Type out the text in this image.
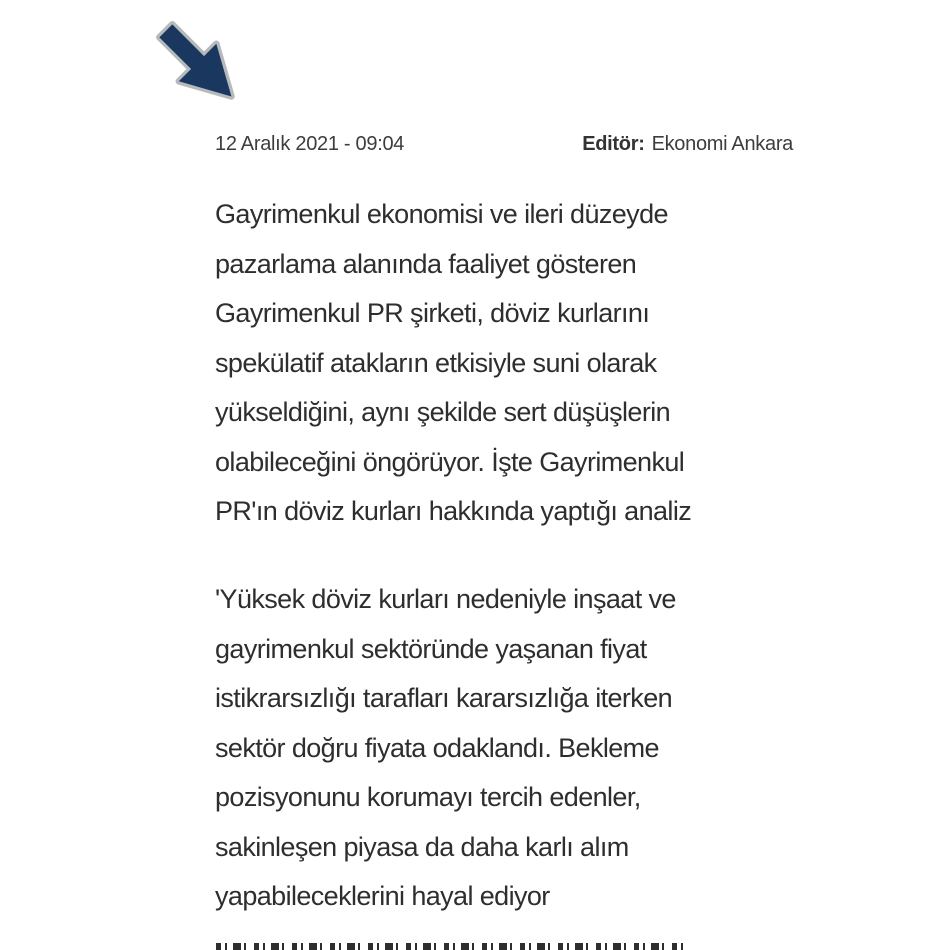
12 Aralık 2021 - 09:04	Editör: Ekonomi Ankara
Gayrimenkul ekonomisi ve ileri düzeyde
pazarlama alanında faaliyet gösteren
Gayrimenkul PR şirketi, döviz kurlarını
spekülatif atakların etkisiyle suni olarak
yükseldiğini, aynı şekilde sert düşüşlerin
olabileceğini öngörüyor. İşte Gayrimenkul
PR'ın döviz kurları hakkında yaptığı analiz
'Yüksek döviz kurları nedeniyle inşaat ve
gayrimenkul sektöründe yaşanan fiyat
istikrarsızlığı tarafları kararsızlığa iterken
sektör doğru fiyata odaklandı. Bekleme
pozisyonunu korumayı tercih edenler,
sakinleşen piyasa da daha karlı alım
yapabileceklerini hayal ediyor
